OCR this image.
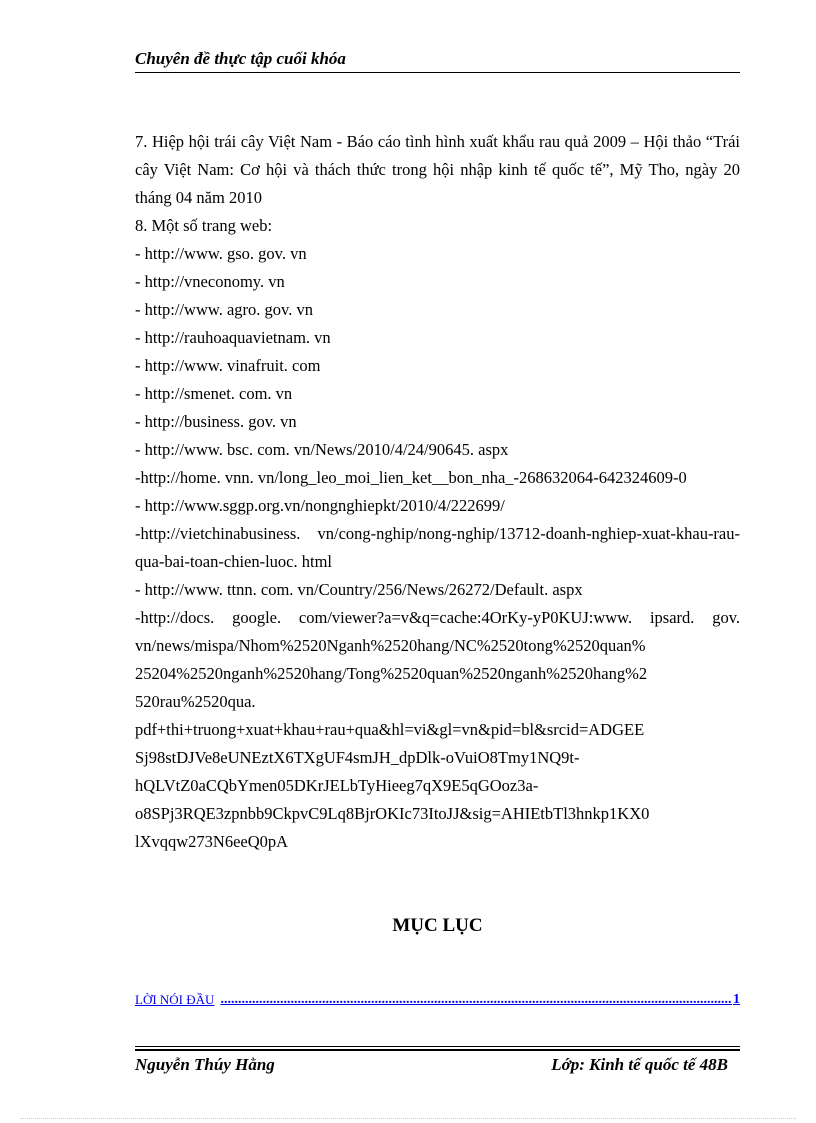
Chuyên đề thực tập cuối khóa

7. Hiệp hội trái cây Việt Nam - Báo cáo tình hình xuất khẩu rau quả 2009 – Hội thảo “Trái cây Việt Nam: Cơ hội và thách thức trong hội nhập kinh tế quốc tế”, Mỹ Tho, ngày 20 tháng 04 năm 2010

8. Một số trang web:

- http://www. gso. gov. vn

- http://vneconomy. vn

- http://www. agro. gov. vn

- http://rauhoaquavietnam. vn

- http://www. vinafruit. com

- http://smenet. com. vn

- http://business. gov. vn

- http://www. bsc. com. vn/News/2010/4/24/90645. aspx

-http://home. vnn. vn/long_leo_moi_lien_ket__bon_nha_-268632064-642324609-0

- http://www.sggp.org.vn/nongnghiepkt/2010/4/222699/

-http://vietchinabusiness. vn/cong-nghip/nong-nghip/13712-doanh-nghiep-xuat-khau-rau-qua-bai-toan-chien-luoc. html

- http://www. ttnn. com. vn/Country/256/News/26272/Default. aspx

-http://docs. google. com/viewer?a=v&q=cache:4OrKy-yP0KUJ:www. ipsard. gov.

vn/news/mispa/Nhom%2520Nganh%2520hang/NC%2520tong%2520quan%

25204%2520nganh%2520hang/Tong%2520quan%2520nganh%2520hang%2

520rau%2520qua.

pdf+thi+truong+xuat+khau+rau+qua&hl=vi&gl=vn&pid=bl&srcid=ADGEE

Sj98stDJVe8eUNEztX6TXgUF4smJH_dpDlk-oVuiO8Tmy1NQ9t-

hQLVtZ0aCQbYmen05DKrJELbTyHieeg7qX9E5qGOoz3a-

o8SPj3RQE3zpnbb9CkpvC9Lq8BjrOKIc73ItoJJ&sig=AHIEtbTl3hnkp1KX0

lXvqqw273N6eeQ0pA

MỤC LỤC
LỜI NÓI ĐẦU
.....	1
Nguyễn Thúy Hằng	Lớp: Kinh tế quốc tế 48B
